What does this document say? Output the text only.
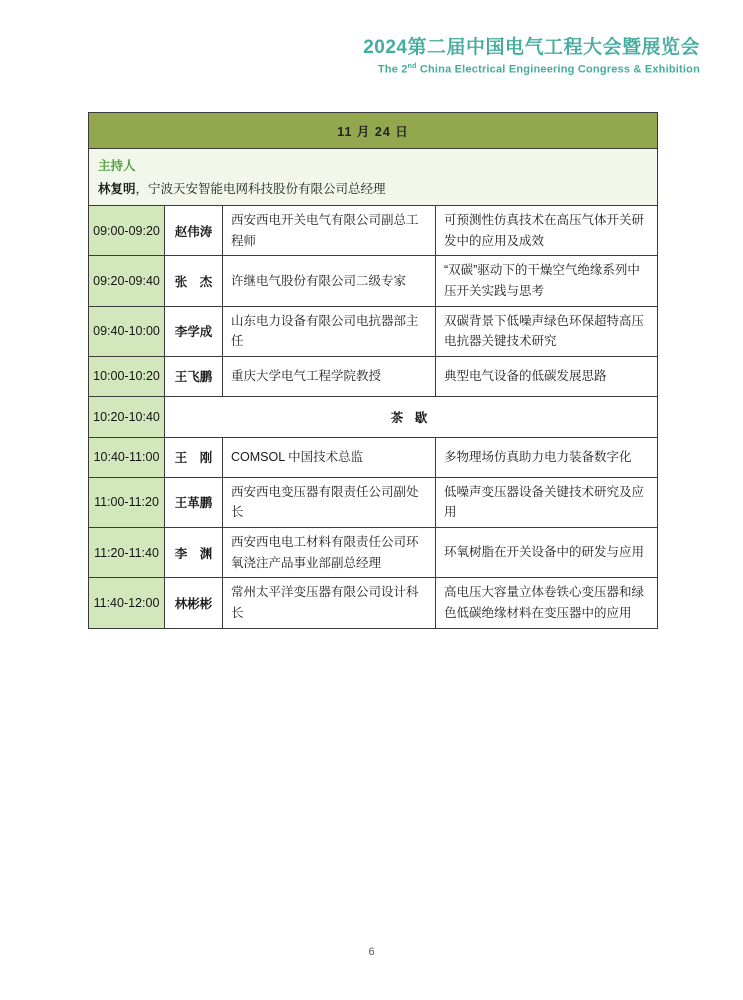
2024第二届中国电气工程大会暨展览会
The 2nd China Electrical Engineering Congress & Exhibition
11 月 24 日			

主持人
林复明，宁波天安智能电网科技股份有限公司总经理			

09:00-09:20	赵伟涛	西安西电开关电气有限公司副总工程师	可预测性仿真技术在高压气体开关研发中的应用及成效
09:20-09:40	张　杰	许继电气股份有限公司二级专家	“双碳”驱动下的干燥空气绝缘系列中压开关实践与思考
09:40-10:00	李学成	山东电力设备有限公司电抗器部主任	双碳背景下低噪声绿色环保超特高压电抗器关键技术研究
10:00-10:20	王飞鹏	重庆大学电气工程学院教授	典型电气设备的低碳发展思路
10:20-10:40	茶 歇		
10:40-11:00	王　刚	COMSOL 中国技术总监	多物理场仿真助力电力装备数字化
11:00-11:20	王革鹏	西安西电变压器有限责任公司副处长	低噪声变压器设备关键技术研究及应用
11:20-11:40	李　渊	西安西电电工材料有限责任公司环氧浇注产品事业部副总经理	环氧树脂在开关设备中的研发与应用
11:40-12:00	林彬彬	常州太平洋变压器有限公司设计科长	高电压大容量立体卷铁心变压器和绿色低碳绝缘材料在变压器中的应用
6
